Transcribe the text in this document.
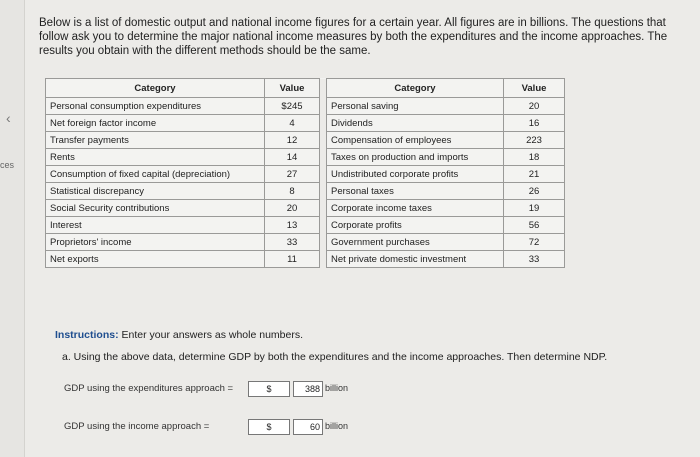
‹
ces
Below is a list of domestic output and national income figures for a certain year. All figures are in billions. The questions that follow ask you to determine the major national income measures by both the expenditures and the income approaches. The results you obtain with the different methods should be the same.
Category	Value		Category	Value
Personal consumption expenditures	$245		Personal saving	20
Net foreign factor income	4		Dividends	16
Transfer payments	12		Compensation of employees	223
Rents	14		Taxes on production and imports	18
Consumption of fixed capital (depreciation)	27		Undistributed corporate profits	21
Statistical discrepancy	8		Personal taxes	26
Social Security contributions	20		Corporate income taxes	19
Interest	13		Corporate profits	56
Proprietors' income	33		Government purchases	72
Net exports	11		Net private domestic investment	33
Instructions: Enter your answers as whole numbers.
a. Using the above data, determine GDP by both the expenditures and the income approaches. Then determine NDP.
GDP using the expenditures approach =	$	388 billion
GDP using the income approach =	$	60 billion
